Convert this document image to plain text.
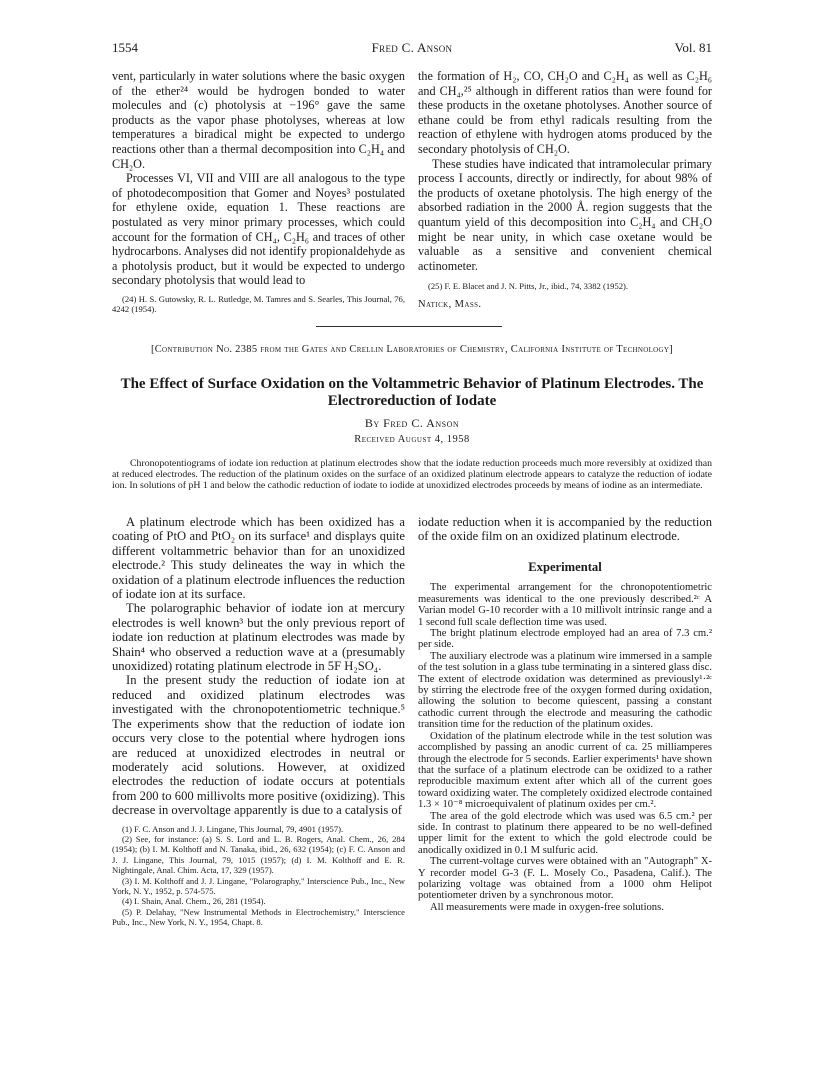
1554	Fred C. Anson	Vol. 81

vent, particularly in water solutions where the basic oxygen of the ether²⁴ would be hydrogen bonded to water molecules and (c) photolysis at −196° gave the same products as the vapor phase photolyses, whereas at low temperatures a biradical might be expected to undergo reactions other than a thermal decomposition into C₂H₄ and CH₂O.

Processes VI, VII and VIII are all analogous to the type of photodecomposition that Gomer and Noyes³ postulated for ethylene oxide, equation 1. These reactions are postulated as very minor primary processes, which could account for the formation of CH₄, C₂H₆ and traces of other hydrocarbons. Analyses did not identify propionaldehyde as a photolysis product, but it would be expected to undergo secondary photolysis that would lead to

(24) H. S. Gutowsky, R. L. Rutledge, M. Tamres and S. Searles, This Journal, 76, 4242 (1954).

the formation of H₂, CO, CH₂O and C₂H₄ as well as C₂H₆ and CH₄,²⁵ although in different ratios than were found for these products in the oxetane photolyses. Another source of ethane could be from ethyl radicals resulting from the reaction of ethylene with hydrogen atoms produced by the secondary photolysis of CH₂O.

These studies have indicated that intramolecular primary process I accounts, directly or indirectly, for about 98% of the products of oxetane photolysis. The high energy of the absorbed radiation in the 2000 Å. region suggests that the quantum yield of this decomposition into C₂H₄ and CH₂O might be near unity, in which case oxetane would be valuable as a sensitive and convenient chemical actinometer.

(25) F. E. Blacet and J. N. Pitts, Jr., ibid., 74, 3382 (1952).

Natick, Mass.
[Contribution No. 2385 from the Gates and Crellin Laboratories of Chemistry, California Institute of Technology]
The Effect of Surface Oxidation on the Voltammetric Behavior of Platinum Electrodes. The Electroreduction of Iodate
By Fred C. Anson
Received August 4, 1958

Chronopotentiograms of iodate ion reduction at platinum electrodes show that the iodate reduction proceeds much more reversibly at oxidized than at reduced electrodes. The reduction of the platinum oxides on the surface of an oxidized platinum electrode appears to catalyze the reduction of iodate ion. In solutions of pH 1 and below the cathodic reduction of iodate to iodide at unoxidized electrodes proceeds by means of iodine as an intermediate.

A platinum electrode which has been oxidized has a coating of PtO and PtO₂ on its surface¹ and displays quite different voltammetric behavior than for an unoxidized electrode.² This study delineates the way in which the oxidation of a platinum electrode influences the reduction of iodate ion at its surface.

The polarographic behavior of iodate ion at mercury electrodes is well known³ but the only previous report of iodate ion reduction at platinum electrodes was made by Shain⁴ who observed a reduction wave at a (presumably unoxidized) rotating platinum electrode in 5F H₂SO₄.

In the present study the reduction of iodate ion at reduced and oxidized platinum electrodes was investigated with the chronopotentiometric technique.⁵ The experiments show that the reduction of iodate ion occurs very close to the potential where hydrogen ions are reduced at unoxidized electrodes in neutral or moderately acid solutions. However, at oxidized electrodes the reduction of iodate occurs at potentials from 200 to 600 millivolts more positive (oxidizing). This decrease in overvoltage apparently is due to a catalysis of

(1) F. C. Anson and J. J. Lingane, This Journal, 79, 4901 (1957).

(2) See, for instance: (a) S. S. Lord and L. B. Rogers, Anal. Chem., 26, 284 (1954); (b) I. M. Kolthoff and N. Tanaka, ibid., 26, 632 (1954); (c) F. C. Anson and J. J. Lingane, This Journal, 79, 1015 (1957); (d) I. M. Kolthoff and E. R. Nightingale, Anal. Chim. Acta, 17, 329 (1957).

(3) I. M. Kolthoff and J. J. Lingane, "Polarography," Interscience Pub., Inc., New York, N. Y., 1952, p. 574-575.

(4) I. Shain, Anal. Chem., 26, 281 (1954).

(5) P. Delahay, "New Instrumental Methods in Electrochemistry," Interscience Pub., Inc., New York, N. Y., 1954, Chapt. 8.

iodate reduction when it is accompanied by the reduction of the oxide film on an oxidized platinum electrode.

Experimental

The experimental arrangement for the chronopotentiometric measurements was identical to the one previously described.²ᶜ A Varian model G-10 recorder with a 10 millivolt intrinsic range and a 1 second full scale deflection time was used.

The bright platinum electrode employed had an area of 7.3 cm.² per side.

The auxiliary electrode was a platinum wire immersed in a sample of the test solution in a glass tube terminating in a sintered glass disc. The extent of electrode oxidation was determined as previously¹·²ᶜ by stirring the electrode free of the oxygen formed during oxidation, allowing the solution to become quiescent, passing a constant cathodic current through the electrode and measuring the cathodic transition time for the reduction of the platinum oxides.

Oxidation of the platinum electrode while in the test solution was accomplished by passing an anodic current of ca. 25 milliamperes through the electrode for 5 seconds. Earlier experiments¹ have shown that the surface of a platinum electrode can be oxidized to a rather reproducible maximum extent after which all of the current goes toward oxidizing water. The completely oxidized electrode contained 1.3 × 10⁻⁸ microequivalent of platinum oxides per cm.².

The area of the gold electrode which was used was 6.5 cm.² per side. In contrast to platinum there appeared to be no well-defined upper limit for the extent to which the gold electrode could be anodically oxidized in 0.1 M sulfuric acid.

The current-voltage curves were obtained with an "Autograph" X-Y recorder model G-3 (F. L. Mosely Co., Pasadena, Calif.). The polarizing voltage was obtained from a 1000 ohm Helipot potentiometer driven by a synchronous motor.

All measurements were made in oxygen-free solutions.
